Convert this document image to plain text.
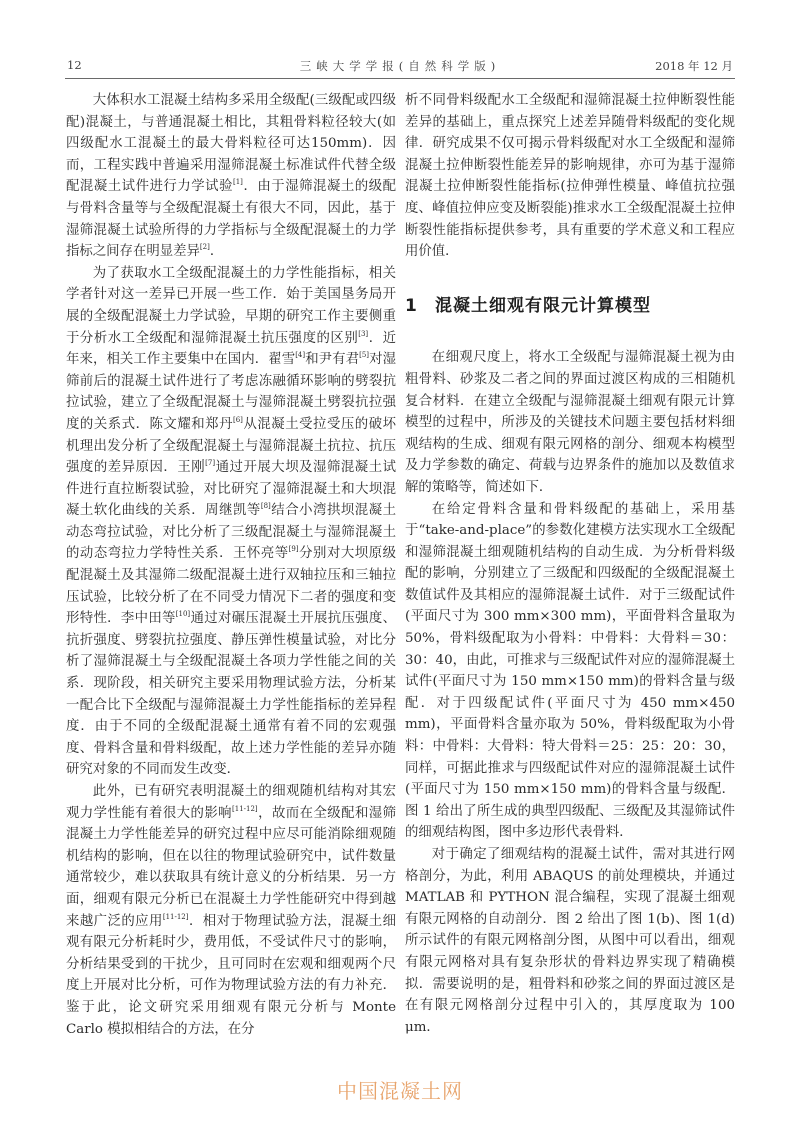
12	三峡大学学报(自然科学版)	2018 年 12 月

大体积水工混凝土结构多采用全级配(三级配或四级配)混凝土，与普通混凝土相比，其粗骨料粒径较大(如四级配水工混凝土的最大骨料粒径可达150mm)．因而，工程实践中普遍采用湿筛混凝土标准试件代替全级配混凝土试件进行力学试验[1]．由于湿筛混凝土的级配与骨料含量等与全级配混凝土有很大不同，因此，基于湿筛混凝土试验所得的力学指标与全级配混凝土的力学指标之间存在明显差异[2]．

为了获取水工全级配混凝土的力学性能指标，相关学者针对这一差异已开展一些工作．始于美国垦务局开展的全级配混凝土力学试验，早期的研究工作主要侧重于分析水工全级配和湿筛混凝土抗压强度的区别[3]．近年来，相关工作主要集中在国内．翟雪[4]和尹有君[5]对湿筛前后的混凝土试件进行了考虑冻融循环影响的劈裂抗拉试验，建立了全级配混凝土与湿筛混凝土劈裂抗拉强度的关系式．陈文耀和郑丹[6]从混凝土受拉受压的破坏机理出发分析了全级配混凝土与湿筛混凝土抗拉、抗压强度的差异原因．王刚[7]通过开展大坝及湿筛混凝土试件进行直拉断裂试验，对比研究了湿筛混凝土和大坝混凝土软化曲线的关系．周继凯等[8]结合小湾拱坝混凝土动态弯拉试验，对比分析了三级配混凝土与湿筛混凝土的动态弯拉力学特性关系．王怀亮等[9]分别对大坝原级配混凝土及其湿筛二级配混凝土进行双轴拉压和三轴拉压试验，比较分析了在不同受力情况下二者的强度和变形特性．李中田等[10]通过对碾压混凝土开展抗压强度、抗折强度、劈裂抗拉强度、静压弹性模量试验，对比分析了湿筛混凝土与全级配混凝土各项力学性能之间的关系．现阶段，相关研究主要采用物理试验方法，分析某一配合比下全级配与湿筛混凝土力学性能指标的差异程度．由于不同的全级配混凝土通常有着不同的宏观强度、骨料含量和骨料级配，故上述力学性能的差异亦随研究对象的不同而发生改变．

此外，已有研究表明混凝土的细观随机结构对其宏观力学性能有着很大的影响[11-12]，故而在全级配和湿筛混凝土力学性能差异的研究过程中应尽可能消除细观随机结构的影响，但在以往的物理试验研究中，试件数量通常较少，难以获取具有统计意义的分析结果．另一方面，细观有限元分析已在混凝土力学性能研究中得到越来越广泛的应用[11-12]．相对于物理试验方法，混凝土细观有限元分析耗时少，费用低，不受试件尺寸的影响，分析结果受到的干扰少，且可同时在宏观和细观两个尺度上开展对比分析，可作为物理试验方法的有力补充．鉴于此，论文研究采用细观有限元分析与 Monte Carlo 模拟相结合的方法，在分

析不同骨料级配水工全级配和湿筛混凝土拉伸断裂性能差异的基础上，重点探究上述差异随骨料级配的变化规律．研究成果不仅可揭示骨料级配对水工全级配和湿筛混凝土拉伸断裂性能差异的影响规律，亦可为基于湿筛混凝土拉伸断裂性能指标(拉伸弹性模量、峰值抗拉强度、峰值拉伸应变及断裂能)推求水工全级配混凝土拉伸断裂性能指标提供参考，具有重要的学术意义和工程应用价值．

1 混凝土细观有限元计算模型

在细观尺度上，将水工全级配与湿筛混凝土视为由粗骨料、砂浆及二者之间的界面过渡区构成的三相随机复合材料．在建立全级配与湿筛混凝土细观有限元计算模型的过程中，所涉及的关键技术问题主要包括材料细观结构的生成、细观有限元网格的剖分、细观本构模型及力学参数的确定、荷载与边界条件的施加以及数值求解的策略等，简述如下．

在给定骨料含量和骨料级配的基础上，采用基于“take-and-place”的参数化建模方法实现水工全级配和湿筛混凝土细观随机结构的自动生成．为分析骨料级配的影响，分别建立了三级配和四级配的全级配混凝土数值试件及其相应的湿筛混凝土试件．对于三级配试件(平面尺寸为 300 mm×300 mm)，平面骨料含量取为 50%，骨料级配取为小骨料：中骨料：大骨料＝30：30：40，由此，可推求与三级配试件对应的湿筛混凝土试件(平面尺寸为 150 mm×150 mm)的骨料含量与级配．对于四级配试件(平面尺寸为 450 mm×450 mm)，平面骨料含量亦取为 50%，骨料级配取为小骨料：中骨料：大骨料：特大骨料＝25：25：20：30，同样，可据此推求与四级配试件对应的湿筛混凝土试件(平面尺寸为 150 mm×150 mm)的骨料含量与级配．图 1 给出了所生成的典型四级配、三级配及其湿筛试件的细观结构图，图中多边形代表骨料．

对于确定了细观结构的混凝土试件，需对其进行网格剖分，为此，利用 ABAQUS 的前处理模块，并通过 MATLAB 和 PYTHON 混合编程，实现了混凝土细观有限元网格的自动剖分．图 2 给出了图 1(b)、图 1(d)所示试件的有限元网格剖分图，从图中可以看出，细观有限元网格对具有复杂形状的骨料边界实现了精确模拟．需要说明的是，粗骨料和砂浆之间的界面过渡区是在有限元网格剖分过程中引入的，其厚度取为 100 μm．

中国混凝土网
